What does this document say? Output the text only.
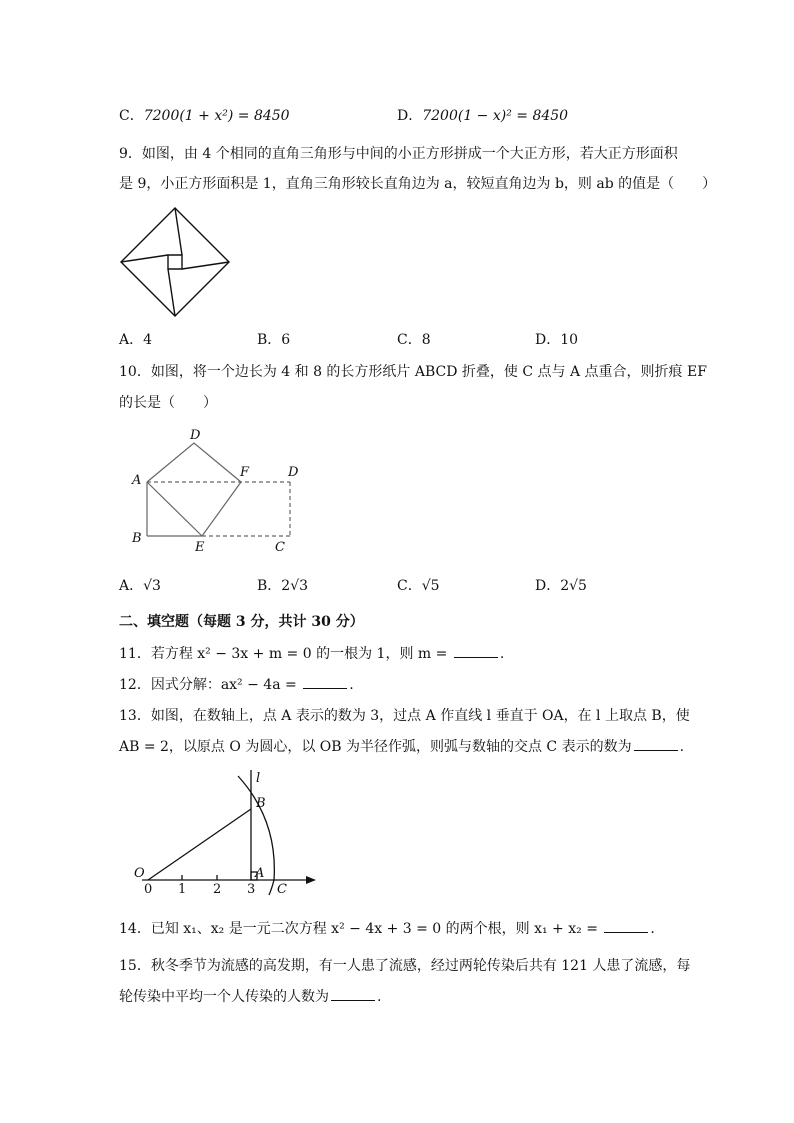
C．7200(1 + x²) = 8450	D．7200(1 − x)² = 8450
9．如图，由 4 个相同的直角三角形与中间的小正方形拼成一个大正方形，若大正方形面积
是 9，小正方形面积是 1，直角三角形较长直角边为 a，较短直角边为 b，则 ab 的值是（　　）
A．4	B．6	C．8	D．10
10．如图，将一个边长为 4 和 8 的长方形纸片 ABCD 折叠，使 C 点与 A 点重合，则折痕 EF
的长是（　　）
D
A
F	D
B
E	C
A．√3	B．2√3	C．√5	D．2√5
二、填空题（每题 3 分，共计 30 分）
11．若方程 x² − 3x + m = 0 的一根为 1，则 m =	.
12．因式分解：ax² − 4a =	.
13．如图，在数轴上，点 A 表示的数为 3，过点 A 作直线 l 垂直于 OA，在 l 上取点 B，使
AB = 2，以原点 O 为圆心，以 OB 为半径作弧，则弧与数轴的交点 C 表示的数为	.
l
B
O	A
C
0 1 2 3
14．已知 x₁、x₂ 是一元二次方程 x² − 4x + 3 = 0 的两个根，则 x₁ + x₂ =	.
15．秋冬季节为流感的高发期，有一人患了流感，经过两轮传染后共有 121 人患了流感，每
轮传染中平均一个人传染的人数为	.
